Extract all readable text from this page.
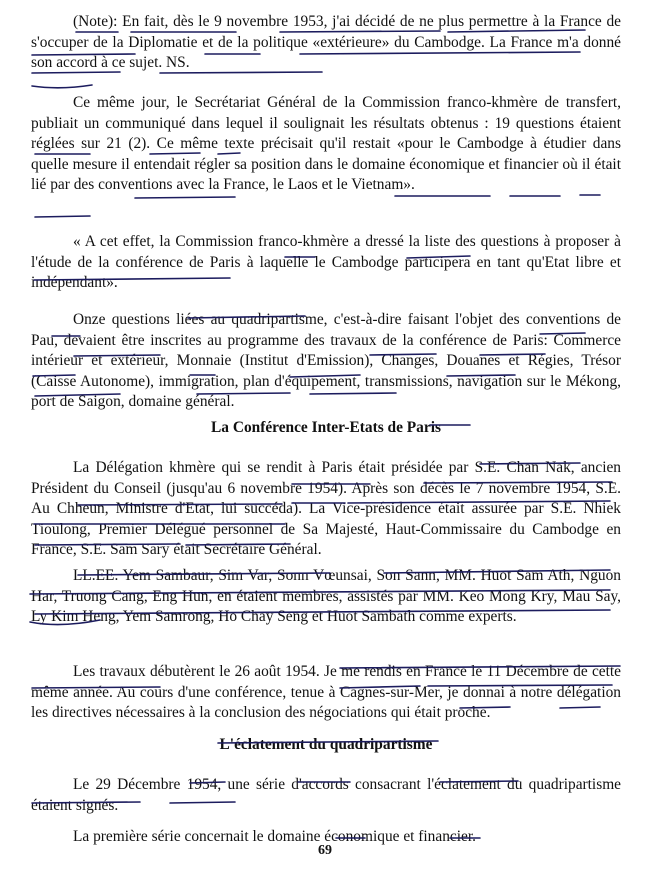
(Note): En fait, dès le 9 novembre 1953, j'ai décidé de ne plus permettre à la France de s'occuper de la Diplomatie et de la politique «extérieure» du Cambodge. La France m'a donné son accord à ce sujet. NS.

Ce même jour, le Secrétariat Général de la Commission franco-khmère de transfert, publiait un communiqué dans lequel il soulignait les résultats obtenus : 19 questions étaient réglées sur 21 (2). Ce même texte précisait qu'il restait «pour le Cambodge à étudier dans quelle mesure il entendait régler sa position dans le domaine économique et financier où il était lié par des conventions avec la France, le Laos et le Vietnam».

« A cet effet, la Commission franco-khmère a dressé la liste des questions à proposer à l'étude de la conférence de Paris à laquelle le Cambodge participera en tant qu'Etat libre et indépendant».

Onze questions liées au quadripartisme, c'est-à-dire faisant l'objet des conventions de Pau, devaient être inscrites au programme des travaux de la conférence de Paris: Commerce intérieur et extérieur, Monnaie (Institut d'Emission), Changes, Douanes et Régies, Trésor (Caisse Autonome), immigration, plan d'équipement, transmissions, navigation sur le Mékong, port de Saigon, domaine général.

La Conférence Inter-Etats de Paris

La Délégation khmère qui se rendit à Paris était présidée par S.E. Chan Nak, ancien Président du Conseil (jusqu'au 6 novembre 1954). Après son décès le 7 novembre 1954, S.E. Au Chheun, Ministre d'Etat, lui succéda). La Vice-présidence était assurée par S.E. Nhiek Tioulong, Premier Délégué personnel de Sa Majesté, Haut-Commissaire du Cambodge en France, S.E. Sam Sary était Secrétaire Général.

LL.EE. Yem Sambaur, Sim Var, Sonn Vœunsai, Son Sann, MM. Huot Sam Ath, Nguon Har, Truong Cang, Eng Hun, en étaient membres, assistés par MM. Keo Mong Kry, Mau Say, Ly Kim Heng, Yem Samrong, Ho Chay Seng et Huot Sambath comme experts.

Les travaux débutèrent le 26 août 1954. Je me rendis en France le 11 Décembre de cette même année. Au cours d'une conférence, tenue à Cagnes-sur-Mer, je donnai à notre délégation les directives nécessaires à la conclusion des négociations qui était proche.

L'éclatement du quadripartisme

Le 29 Décembre 1954, une série d'accords consacrant l'éclatement du quadripartisme étaient signés.

La première série concernait le domaine économique et financier.

69
